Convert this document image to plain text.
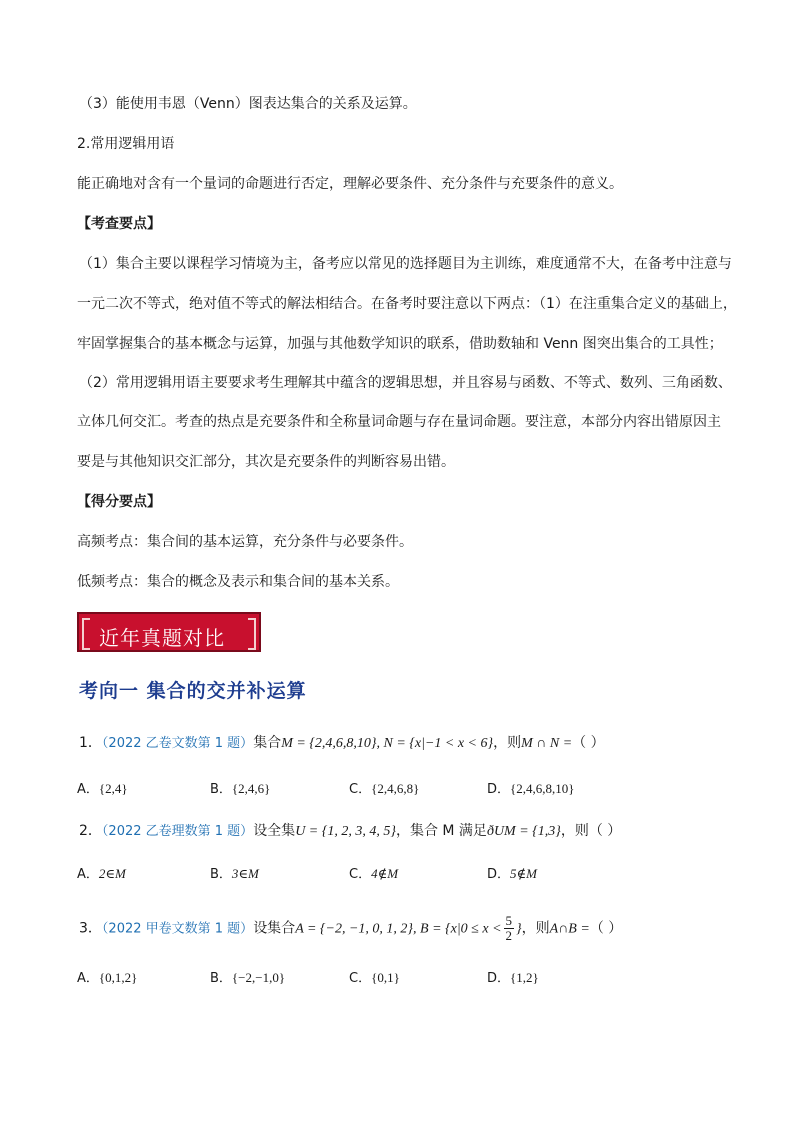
（3）能使用韦恩（Venn）图表达集合的关系及运算。
2.常用逻辑用语
能正确地对含有一个量词的命题进行否定，理解必要条件、充分条件与充要条件的意义。
【考查要点】
（1）集合主要以课程学习情境为主，备考应以常见的选择题目为主训练，难度通常不大，在备考中注意与
一元二次不等式，绝对值不等式的解法相结合。在备考时要注意以下两点：（1）在注重集合定义的基础上，
牢固掌握集合的基本概念与运算，加强与其他数学知识的联系，借助数轴和 Venn 图突出集合的工具性；
（2）常用逻辑用语主要要求考生理解其中蕴含的逻辑思想，并且容易与函数、不等式、数列、三角函数、
立体几何交汇。考查的热点是充要条件和全称量词命题与存在量词命题。要注意，本部分内容出错原因主
要是与其他知识交汇部分，其次是充要条件的判断容易出错。
【得分要点】
高频考点：集合间的基本运算，充分条件与必要条件。
低频考点：集合的概念及表示和集合间的基本关系。
近年真题对比
考向一 集合的交并补运算
1．（2022 乙卷文数第 1 题）集合M = {2,4,6,8,10}, N = {x|−1 < x < 6}，则M ∩ N =（ ）
A．{2,4}	B．{2,4,6}	C．{2,4,6,8}	D．{2,4,6,8,10}
2．（2022 乙卷理数第 1 题）设全集U = {1, 2, 3, 4, 5}，集合 M 满足ðUM = {1,3}，则（ ）
A．2∈M	B．3∈M	C．4∉M	D．5∉M
3．（2022 甲卷文数第 1 题）设集合A = {−2, −1, 0, 1, 2}, $B = \{x|0 \le x < \frac{5}{2}$ }，则A∩B =（ ）
A．{0,1,2}	B．{−2,−1,0}	C．{0,1}	D．{1,2}
